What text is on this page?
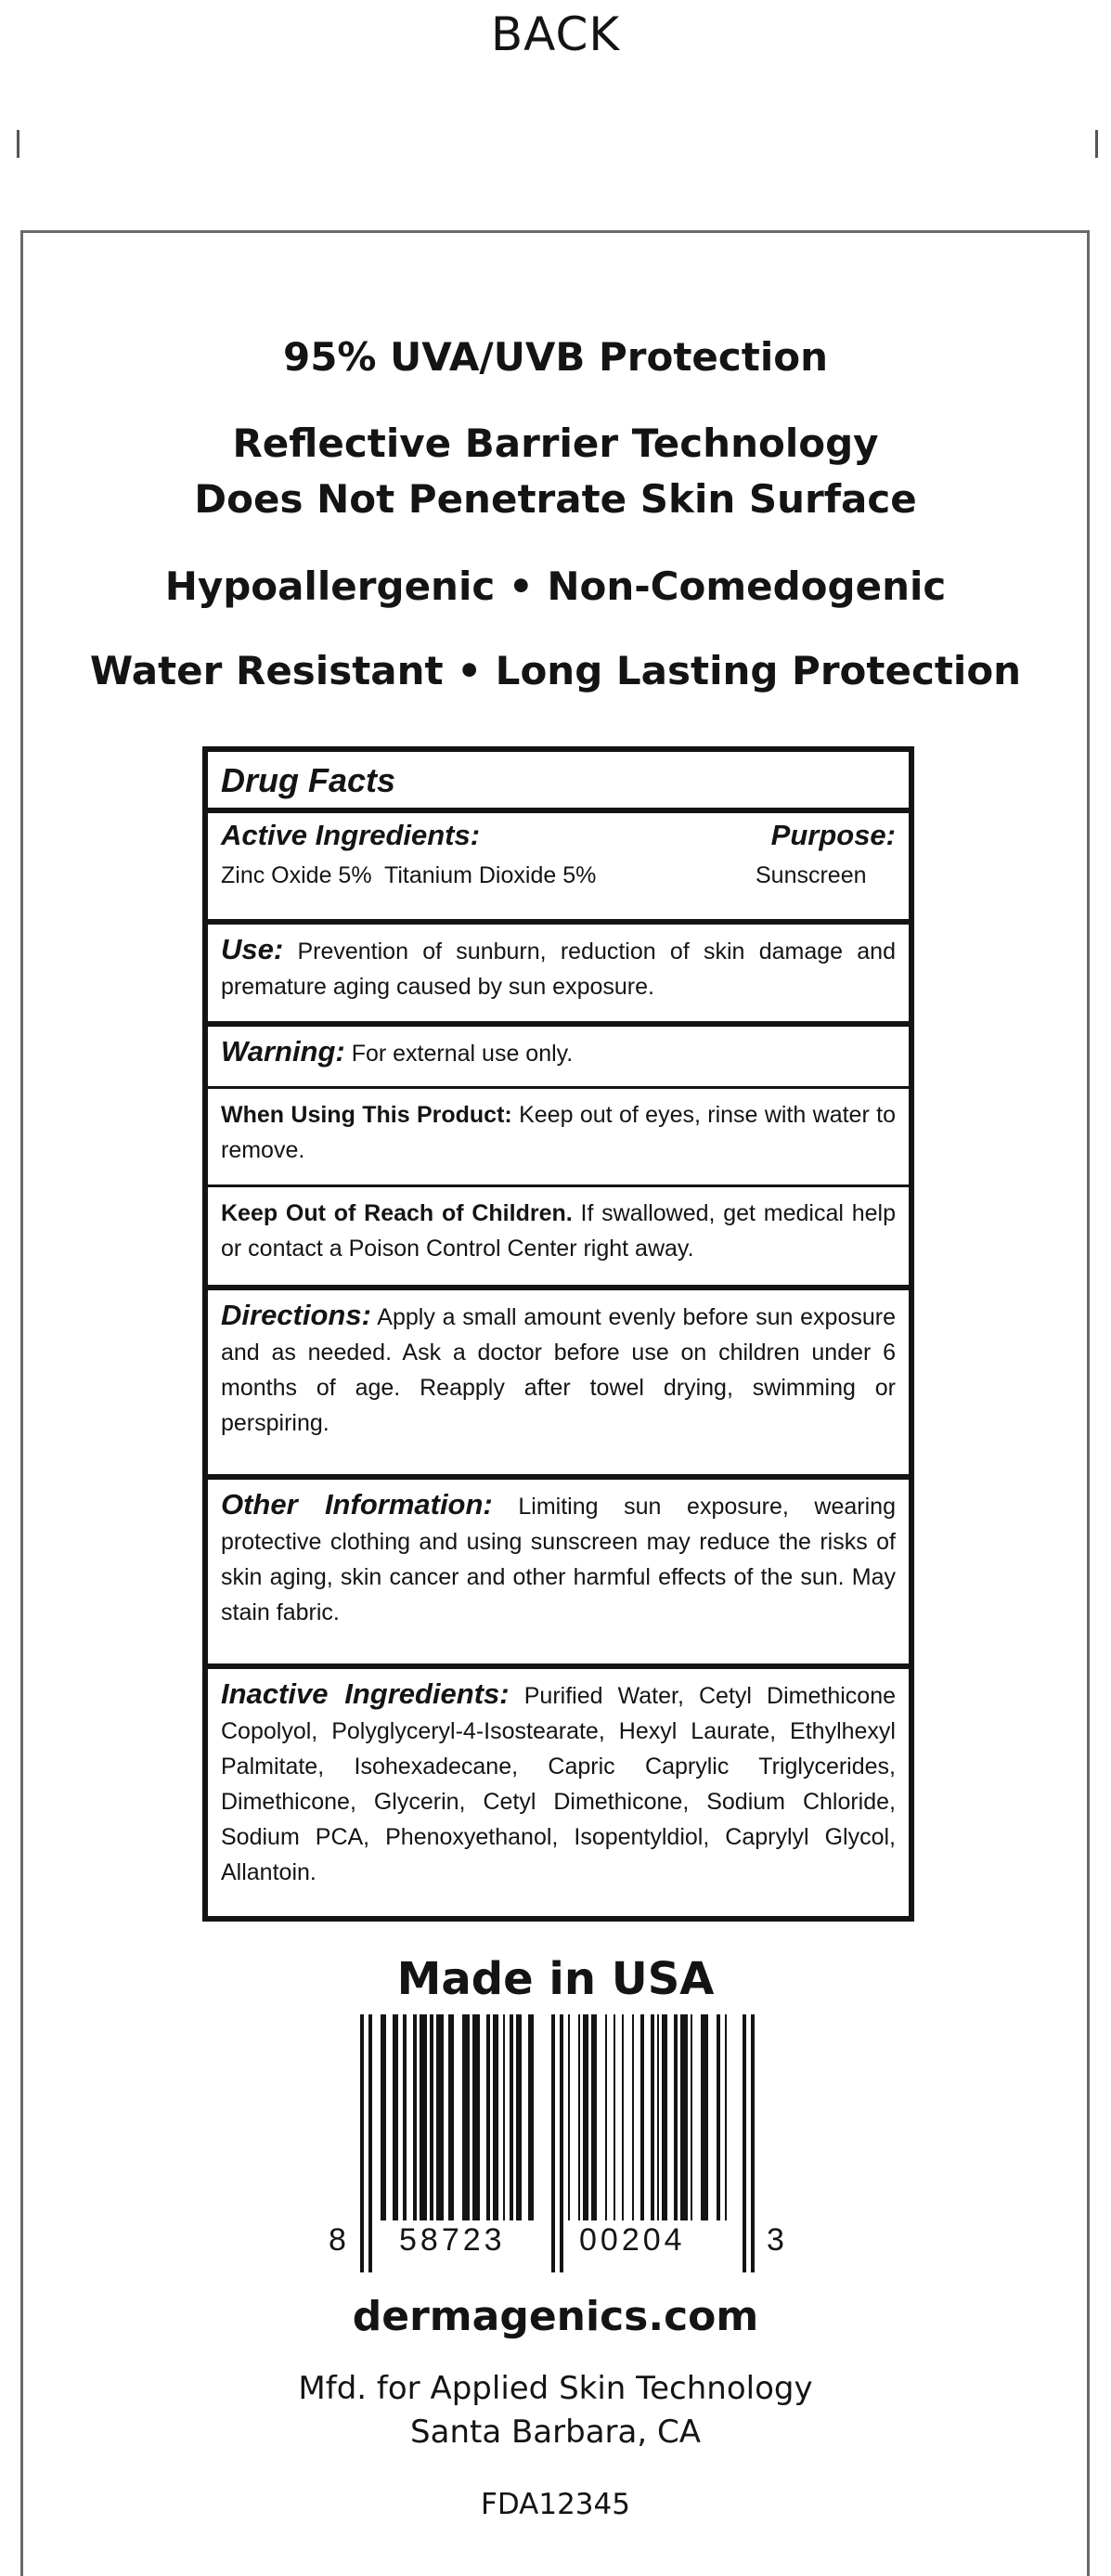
BACK
95% UVA/UVB Protection
Reflective Barrier Technology
Does Not Penetrate Skin Surface
Hypoallergenic • Non-Comedogenic
Water Resistant • Long Lasting Protection
Drug Facts
Active Ingredients:	Purpose:
Zinc Oxide 5%  Titanium Dioxide 5%	Sunscreen
Use: Prevention of sunburn, reduction of skin damage and premature aging caused by sun exposure.
Warning: For external use only.
When Using This Product: Keep out of eyes, rinse with water to remove.
Keep Out of Reach of Children. If swallowed, get medical help or contact a Poison Control Center right away.
Directions: Apply a small amount evenly before sun exposure and as needed. Ask a doctor before use on children under 6 months of age. Reapply after towel drying, swimming or perspiring.
Other Information: Limiting sun exposure, wearing protective clothing and using sunscreen may reduce the risks of skin aging, skin cancer and other harmful effects of the sun. May stain fabric.
Inactive Ingredients: Purified Water, Cetyl Dimethicone Copolyol, Polyglyceryl-4-Isostearate, Hexyl Laurate, Ethylhexyl Palmitate, Isohexadecane, Capric Caprylic Triglycerides, Dimethicone, Glycerin, Cetyl Dimethicone, Sodium Chloride, Sodium PCA, Phenoxyethanol, Isopentyldiol, Caprylyl Glycol, Allantoin.
Made in USA
8 58723 00204	3
dermagenics.com
Mfd. for Applied Skin Technology
Santa Barbara, CA
FDA12345
